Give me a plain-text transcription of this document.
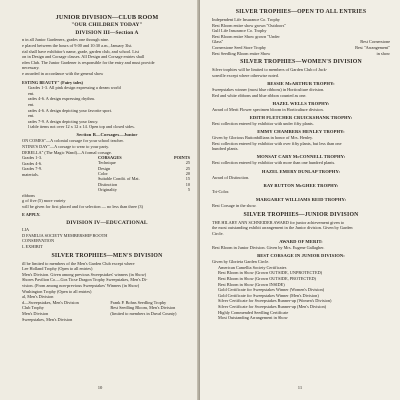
JUNIOR DIVISION—CLUB ROOM
"OUR CHILDREN TODAY"
DIVISION III—Section A
n in all Junior Gardeners, grades one through nine.
e placed between the hours of 9:00 and 10:30 a.m., January 3lst.
rial shall have exhibitor's name, grade, garden club, and school. List
on in Design and Corsage classes. All Design and Corsage entries shall
rden Club. The Junior Gardener is responsible for the entry and must provide
necessary.
e awarded in accordance with the general show
ESTING BEAUTY" (Fairy tales)
Grades 1-3. All pink design expressing a dream world
ent.
rades 4-6. A design expressing rhythm.
ent.
rades 4-6. A design depicting your favorite sport.
ent.
rades 7-9. A design depicting your fancy.
l table items not over 12 x 12 x 14. Open top and closed sides.
Section B—Corsages—Junior
ON COMES"—A colonial corsage for your school teacher.
NTINE'S DAY"—A corsage to wear to your party.
DERELLA" (The Magic Wand)—A formal corsage.
Grades 1-3.
Grades 4-6.
Grades 7-9.
materials.
CORSAGES	POINTS
Technique	25
Design	25
Color	20
Suitable Condit. of Mat.	15
Distinction	10
Originality	5
ribbons
g of five (5) more variety
will be given for first placed and for selection — no less than three (3)
E APPLY.
DIVISION IV—EDUCATIONAL
LIA
D FAMILIA SOCIETY MEMBERSHIP BOOTH
CONSERVATION
L EXHIBIT
SILVER TROPHIES—MEN'S DIVISION
ill be limited to members of the Men's Garden Club except where
Lee Holland Trophy (Open to all entries)
Men's Division. Given among previous Sweepstakes' winners (in Show)
Shores Pavilion Co.—Gos Ticse Dragon Trophy Sweepstakes, Men's Di-
vision. (From among non-previous Sweepstakes' Winners (in Show)
Washington Trophy (Open to all entries)
al, Men's Division
d—Sweepstakes, Men's Division
Club Trophy
Men's Division
Sweepstakes, Men's Division
Frank P. Bohns Seedling Trophy
Best Seedling Bloom, Men's Division
(limited to members in Duval County)
10
SILVER TROPHIES—OPEN TO ALL ENTRIES
Independent Life Insurance Co. Trophy
Best Bloom entire show grown "Outdoors"
Gulf Life Insurance Co. Trophy
Best Bloom entire Show grown "Under
Glass"	Best Cornerstone
Cornerstone Seed Store Trophy	Best "Arrangement"
Best Seedling Bloom entire Show	in show
SILVER TROPHIES—WOMEN'S DIVISION
Silver trophies will be limited to members of Garden Club of Jack-
sonville except where otherwise noted.
BESSIE McARTHUR TROPHY:
Sweepstakes winner (most blue ribbons) in Horticulture division.
Red and white ribbons and blue ribbon counted as one.
HAZEL WELLS TROPHY:
Award of Merit Flower specimen bloom in Horticulture division.
EDITH FLETCHER CRUICKSHANK TROPHY:
Best collection entered by exhibitor with under fifty plants.
EMMY CHAMBERS HENLEY TROPHY:
Given by Glorious Buttonbillians in honor of Mrs. Henley.
Best collection entered by exhibitor with over fifty plants, but less than one
hundred plants.
MONSAT CARY McCONNELL TROPHY:
Best collection entered by exhibitor with more than one hundred plants.
HAZEL EMERY DUNLAP TROPHY:
Award of Distinction.
RAY BUTTON McGHEE TROPHY:
Tri-Color.
MARGARET WILLIAMS REID TROPHY:
Best Corsage in the show.
SILVER TROPHIES—JUNIOR DIVISION
THE HILARY ANN SCHNEIDER AWARD for junior achievement given to
the most outstanding exhibit arrangement in the Junior division. Given by Garden
Circle.
AWARD OF MERIT:
Best Bloom in Junior Division. Given by Mrs. Eugene Gallagher.
BEST CORSAGE IN JUNIOR DIVISION:
Given by Glorieta Garden Circle.
American Camellia Society Certificates
Best Bloom in Show (Grown OUTSIDE, UNPROTECTED)
Best Bloom in Show (Grown OUTSIDE, PROTECTED)
Best Bloom in Show (Grown INSIDE)
Gold Certificate for Sweepstakes Winner (Women's Division)
Gold Certificate for Sweepstakes Winner (Men's Division)
Silver Certificate for Sweepstakes Runner-up (Women's Division)
Silver Certificate for Sweepstakes Runner-up (Men's Division)
Highly Commended Seedling Certificate
Most Outstanding Arrangement in Show
11
